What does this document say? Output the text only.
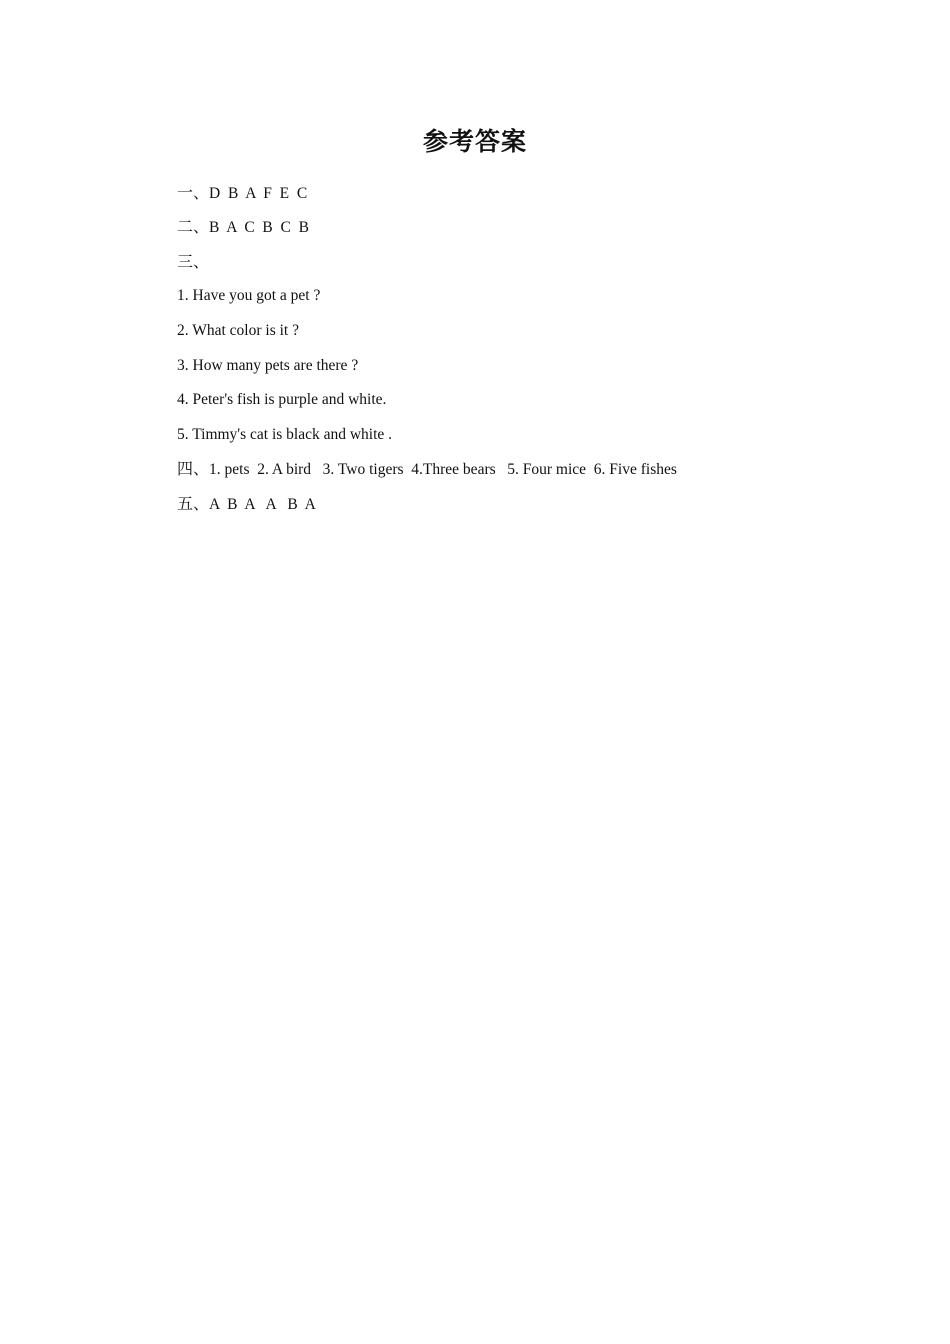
参考答案
一、D  B  A  F  E  C
二、B  A  C  B  C  B
三、
1. Have you got a pet ?
2. What color is it ?
3. How many pets are there ?
4. Peter's fish is purple and white.
5. Timmy's cat is black and white .
四、1. pets  2. A bird   3. Two tigers  4.Three bears   5. Four mice  6. Five fishes
五、A  B  A   A   B  A
